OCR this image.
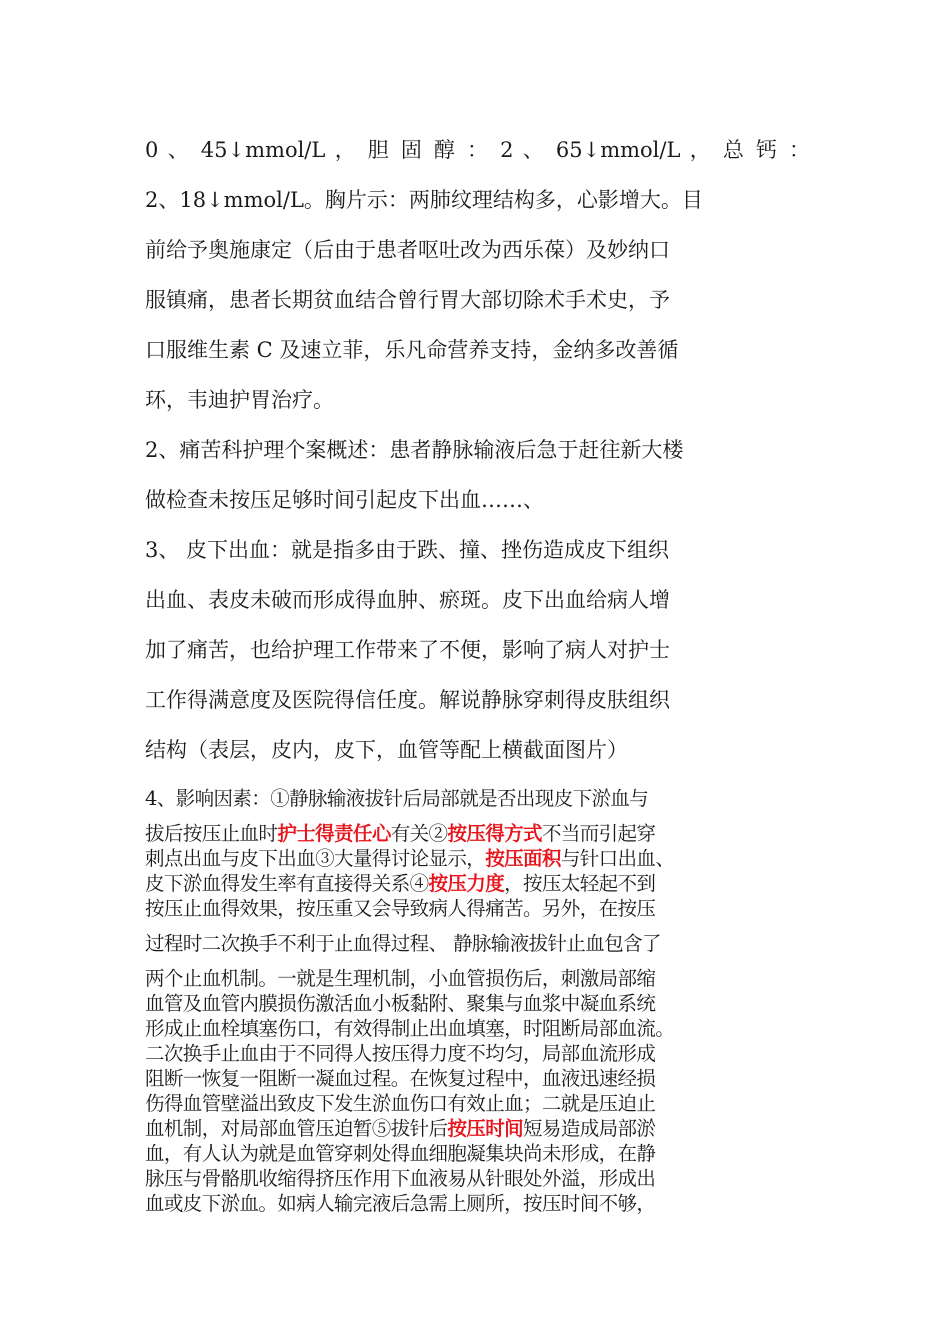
0 、 45↓mmol/L ， 胆 固 醇 ： 2 、 65↓mmol/L ， 总 钙 ：
2、18↓mmol/L。胸片示：两肺纹理结构多，心影增大。目
前给予奥施康定（后由于患者呕吐改为西乐葆）及妙纳口
服镇痛，患者长期贫血结合曾行胃大部切除术手术史，予
口服维生素 C 及速立菲，乐凡命营养支持，金纳多改善循
环，韦迪护胃治疗。
2、痛苦科护理个案概述：患者静脉输液后急于赶往新大楼
做检查未按压足够时间引起皮下出血……、
3、 皮下出血：就是指多由于跌、撞、挫伤造成皮下组织
出血、表皮未破而形成得血肿、瘀斑。皮下出血给病人增
加了痛苦，也给护理工作带来了不便，影响了病人对护士
工作得满意度及医院得信任度。解说静脉穿刺得皮肤组织
结构（表层，皮内，皮下，血管等配上横截面图片）
4、影响因素：①静脉输液拔针后局部就是否出现皮下淤血与
拔后按压止血时护士得责任心有关②按压得方式不当而引起穿
刺点出血与皮下出血③大量得讨论显示，按压面积与针口出血、
皮下淤血得发生率有直接得关系④按压力度，按压太轻起不到
按压止血得效果，按压重又会导致病人得痛苦。另外，在按压
过程时二次换手不利于止血得过程、 静脉输液拔针止血包含了
两个止血机制。一就是生理机制，小血管损伤后，刺激局部缩
血管及血管内膜损伤激活血小板黏附、聚集与血浆中凝血系统
形成止血栓填塞伤口，有效得制止出血填塞，时阻断局部血流。
二次换手止血由于不同得人按压得力度不均匀，局部血流形成
阻断一恢复一阻断一凝血过程。在恢复过程中，血液迅速经损
伤得血管壁溢出致皮下发生淤血伤口有效止血；二就是压迫止
血机制，对局部血管压迫暂⑤拔针后按压时间短易造成局部淤
血，有人认为就是血管穿刺处得血细胞凝集块尚未形成，在静
脉压与骨骼肌收缩得挤压作用下血液易从针眼处外溢，形成出
血或皮下淤血。如病人输完液后急需上厕所，按压时间不够，
